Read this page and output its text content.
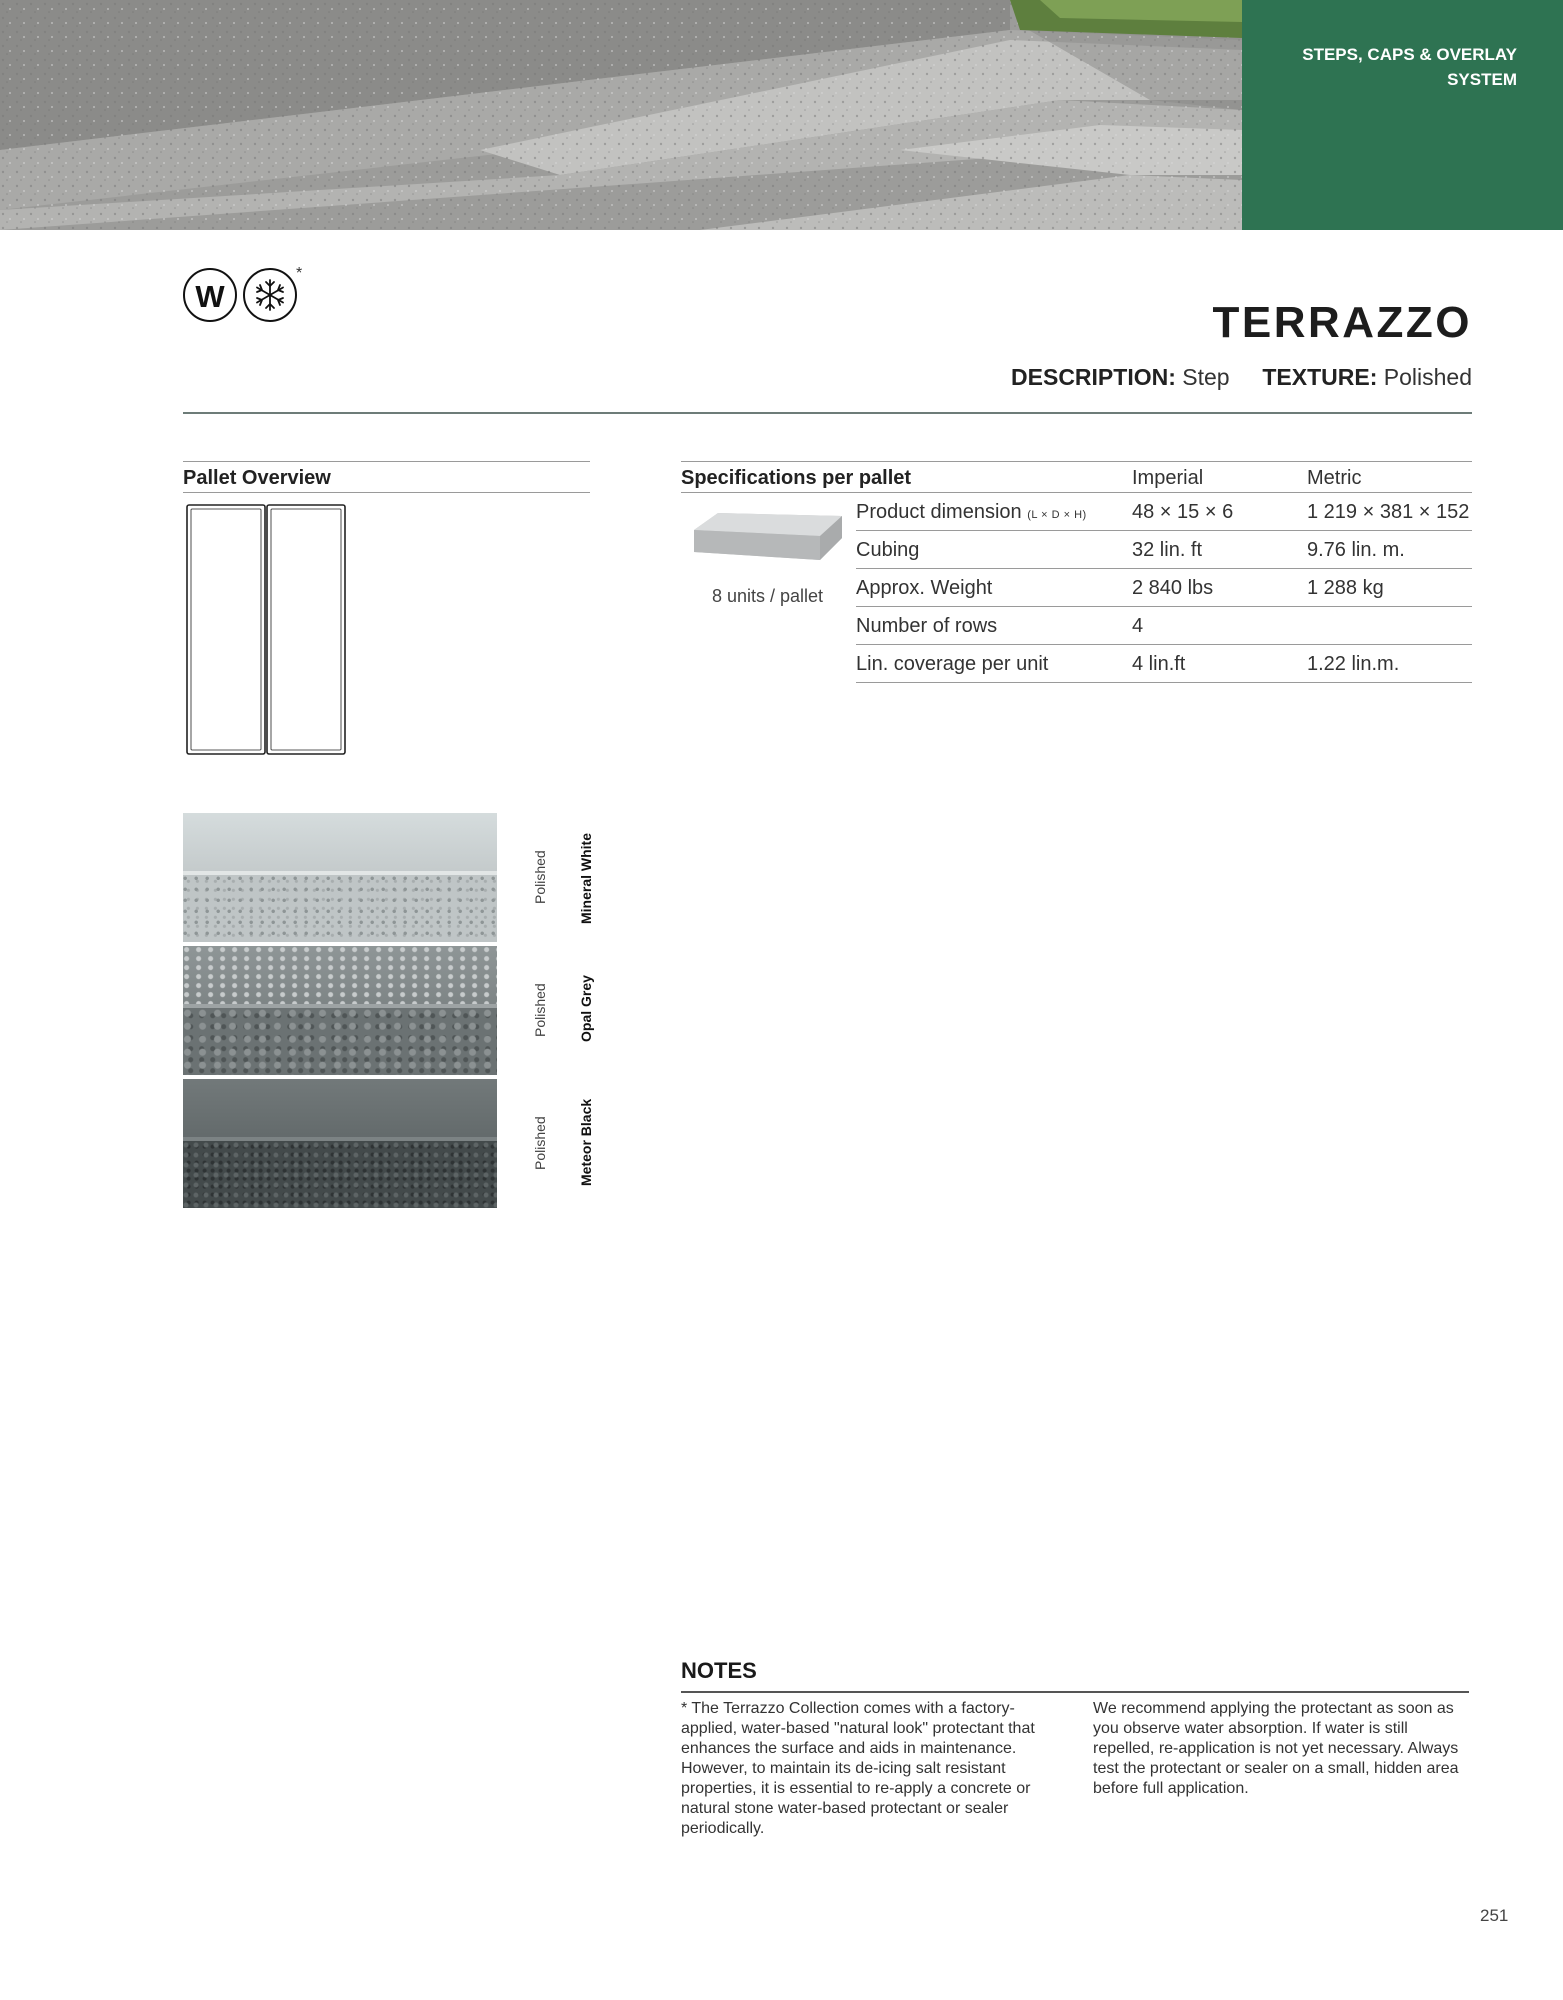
STEPS, CAPS & OVERLAY SYSTEM
W
*
TERRAZZO
DESCRIPTION: Step TEXTURE: Polished
Pallet Overview
Polished Mineral White
Polished Opal Grey
Polished Meteor Black
Specifications per pallet	Imperial	Metric
8 units / pallet
Product dimension (L × D × H) 48 × 15 × 6	1 219 × 381 × 152
Cubing	32 lin. ft	9.76 lin. m.
Approx. Weight	2 840 lbs	1 288 kg
Number of rows	4
Lin. coverage per unit	4 lin.ft	1.22 lin.m.
NOTES
* The Terrazzo Collection comes with a factory-applied, water-based "natural look" protectant that enhances the surface and aids in maintenance. However, to maintain its de-icing salt resistant properties, it is essential to re-apply a concrete or natural stone water-based protectant or sealer periodically.
We recommend applying the protectant as soon as you observe water absorption. If water is still repelled, re-application is not yet necessary. Always test the protectant or sealer on a small, hidden area before full application.
251
